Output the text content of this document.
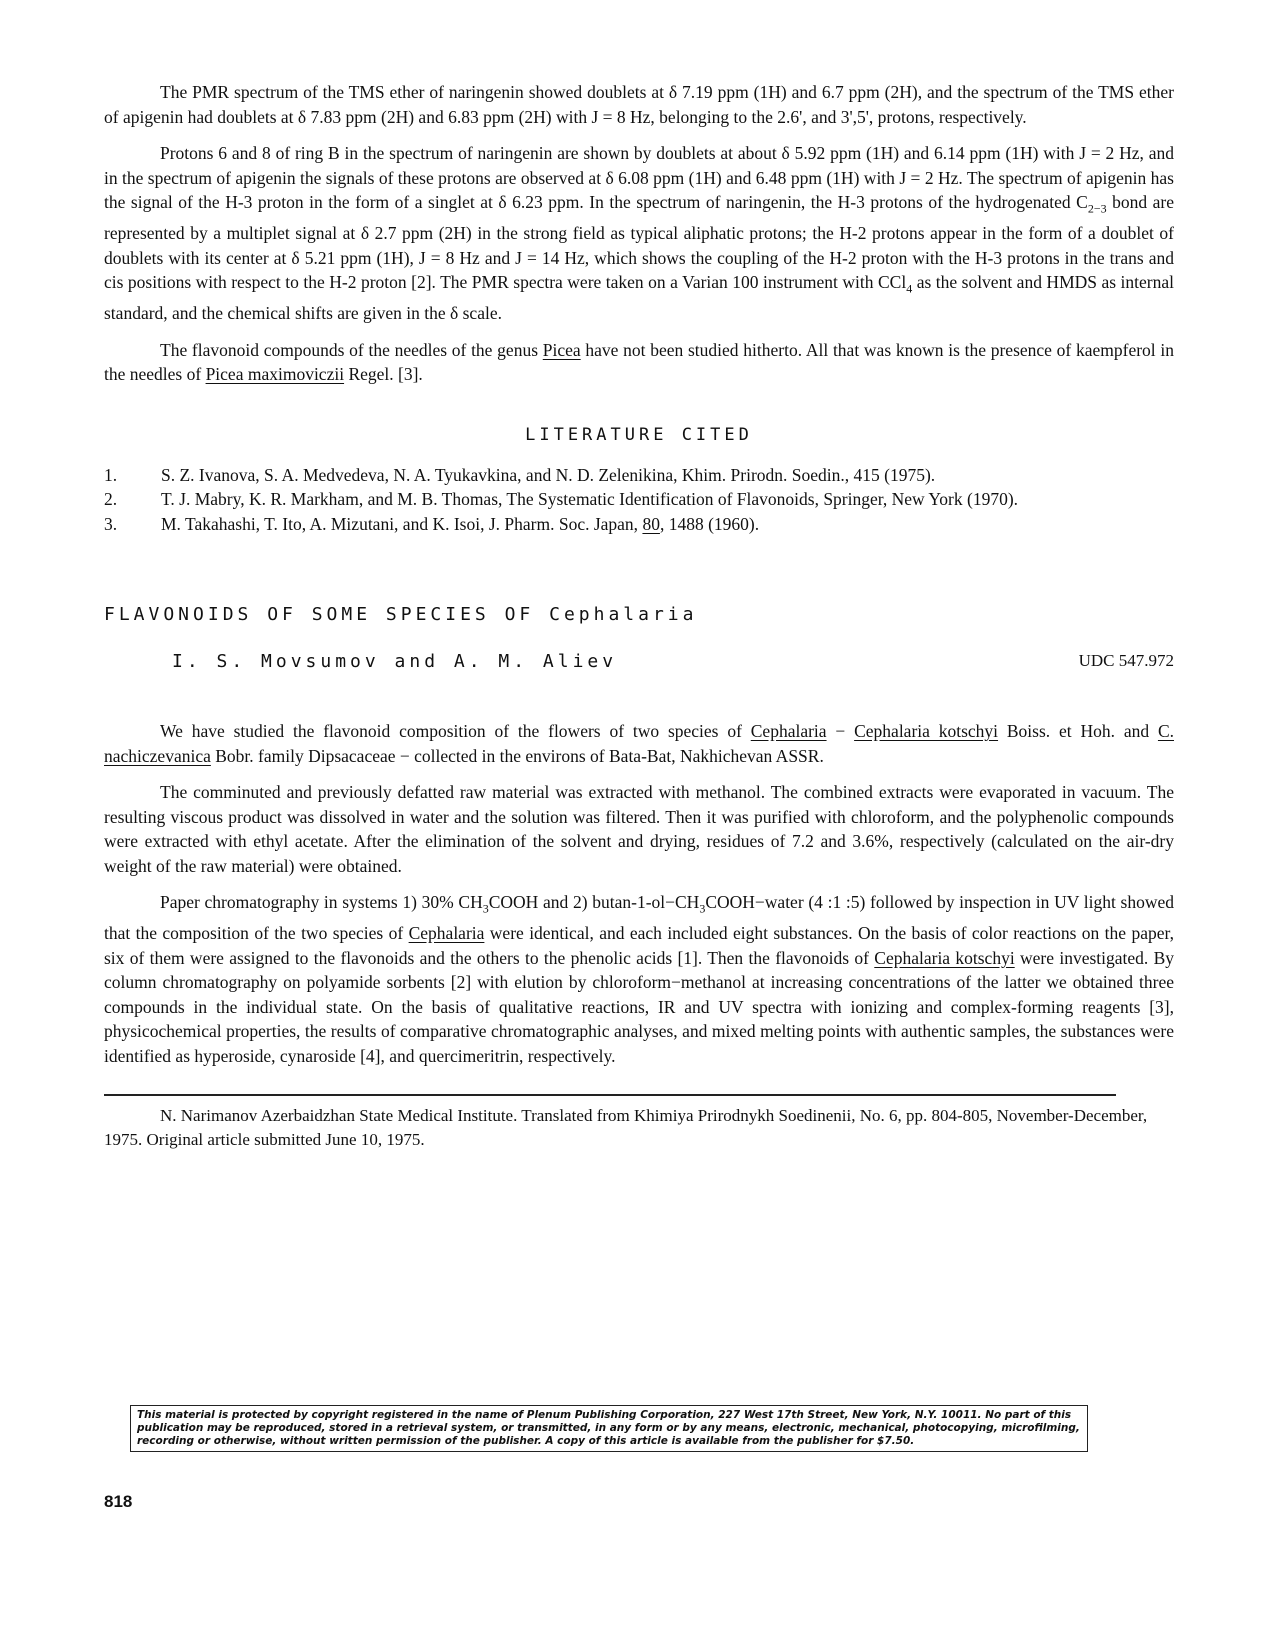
The PMR spectrum of the TMS ether of naringenin showed doublets at δ 7.19 ppm (1H) and 6.7 ppm (2H), and the spectrum of the TMS ether of apigenin had doublets at δ 7.83 ppm (2H) and 6.83 ppm (2H) with J = 8 Hz, belonging to the 2.6', and 3',5', protons, respectively.

Protons 6 and 8 of ring B in the spectrum of naringenin are shown by doublets at about δ 5.92 ppm (1H) and 6.14 ppm (1H) with J = 2 Hz, and in the spectrum of apigenin the signals of these protons are observed at δ 6.08 ppm (1H) and 6.48 ppm (1H) with J = 2 Hz. The spectrum of apigenin has the signal of the H-3 proton in the form of a singlet at δ 6.23 ppm. In the spectrum of naringenin, the H-3 protons of the hydrogenated $C_{2-3}$ bond are represented by a multiplet signal at δ 2.7 ppm (2H) in the strong field as typical aliphatic protons; the H-2 protons appear in the form of a doublet of doublets with its center at δ 5.21 ppm (1H), J = 8 Hz and J = 14 Hz, which shows the coupling of the H-2 proton with the H-3 protons in the trans and cis positions with respect to the H-2 proton [2]. The PMR spectra were taken on a Varian 100 instrument with CCl$_4$ as the solvent and HMDS as internal standard, and the chemical shifts are given in the δ scale.

The flavonoid compounds of the needles of the genus Picea have not been studied hitherto. All that was known is the presence of kaempferol in the needles of Picea maximoviczii Regel. [3].

LITERATURE CITED
1.	S. Z. Ivanova, S. A. Medvedeva, N. A. Tyukavkina, and N. D. Zelenikina, Khim. Prirodn. Soedin., 415 (1975).
2.	T. J. Mabry, K. R. Markham, and M. B. Thomas, The Systematic Identification of Flavonoids, Springer, New York (1970).
3.	M. Takahashi, T. Ito, A. Mizutani, and K. Isoi, J. Pharm. Soc. Japan, 80, 1488 (1960).
FLAVONOIDS OF SOME SPECIES OF Cephalaria
I. S. Movsumov and A. M. Aliev	UDC 547.972

We have studied the flavonoid composition of the flowers of two species of Cephalaria − Cephalaria kotschyi Boiss. et Hoh. and C. nachiczevanica Bobr. family Dipsacaceae − collected in the environs of Bata-Bat, Nakhichevan ASSR.

The comminuted and previously defatted raw material was extracted with methanol. The combined extracts were evaporated in vacuum. The resulting viscous product was dissolved in water and the solution was filtered. Then it was purified with chloroform, and the polyphenolic compounds were extracted with ethyl acetate. After the elimination of the solvent and drying, residues of 7.2 and 3.6%, respectively (calculated on the air-dry weight of the raw material) were obtained.

Paper chromatography in systems 1) 30% $CH_3COOH$ and 2) butan-$1-ol-CH_3COOH-water$ (4 :1 :5) followed by inspection in UV light showed that the composition of the two species of Cephalaria were identical, and each included eight substances. On the basis of color reactions on the paper, six of them were assigned to the flavonoids and the others to the phenolic acids [1]. Then the flavonoids of Cephalaria kotschyi were investigated. By column chromatography on polyamide sorbents [2] with elution by chloroform−methanol at increasing concentrations of the latter we obtained three compounds in the individual state. On the basis of qualitative reactions, IR and UV spectra with ionizing and complex-forming reagents [3], physicochemical properties, the results of comparative chromatographic analyses, and mixed melting points with authentic samples, the substances were identified as hyperoside, cynaroside [4], and quercimeritrin, respectively.

N. Narimanov Azerbaidzhan State Medical Institute. Translated from Khimiya Prirodnykh Soedinenii, No. 6, pp. 804-805, November-December, 1975. Original article submitted June 10, 1975.

This material is protected by copyright registered in the name of Plenum Publishing Corporation, 227 West 17th Street, New York, N.Y. 10011. No part of this publication may be reproduced, stored in a retrieval system, or transmitted, in any form or by any means, electronic, mechanical, photocopying, microfilming, recording or otherwise, without written permission of the publisher. A copy of this article is available from the publisher for $7.50.
818
